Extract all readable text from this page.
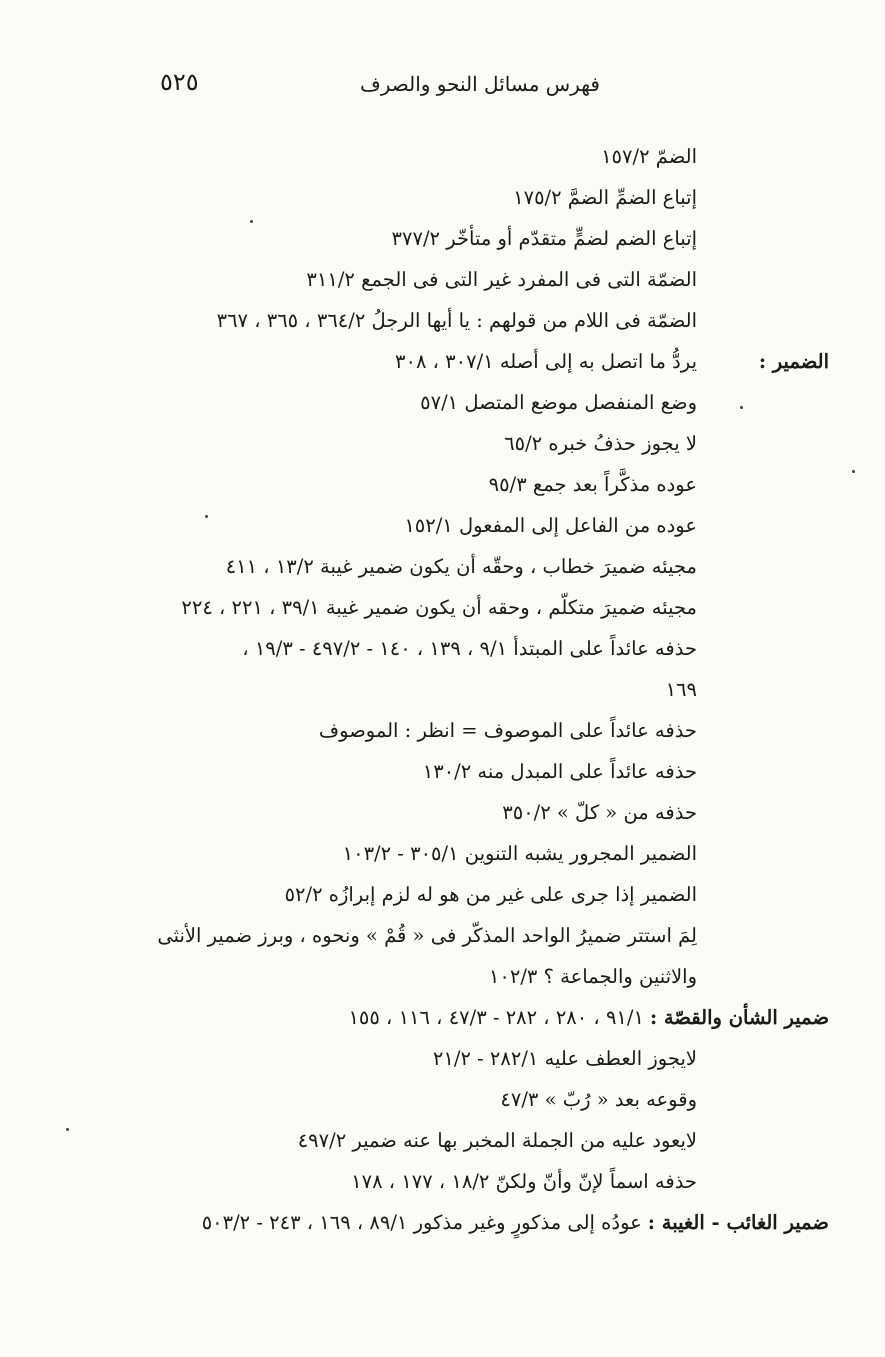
٥٢٥	فهرس مسائل النحو والصرف
الضمّ ١٥٧/٢
إتباع الضمِّ الضمَّ ١٧٥/٢
إتباع الضم لضمٍّ متقدّم أو متأخّر ٣٧٧/٢
الضمّة التى فى المفرد غير التى فى الجمع ٣١١/٢
الضمّة فى اللام من قولهم : يا أيها الرجلُ ٣٦٤/٢ ، ٣٦٥ ، ٣٦٧
الضمير :
يردُّ ما اتصل به إلى أصله ٣٠٧/١ ، ٣٠٨
وضع المنفصل موضع المتصل ٥٧/١
لا يجوز حذفُ خبره ٦٥/٢
عوده مذكَّراً بعد جمع ٩٥/٣
عوده من الفاعل إلى المفعول ١٥٢/١
مجيئه ضميرَ خطاب ، وحقّه أن يكون ضمير غيبة ١٣/٢ ، ٤١١
مجيئه ضميرَ متكلّم ، وحقه أن يكون ضمير غيبة ٣٩/١ ، ٢٢١ ، ٢٢٤
حذفه عائداً على المبتدأ ٩/١ ، ١٣٩ ، ١٤٠ - ٤٩٧/٢ - ١٩/٣ ،
١٦٩
حذفه عائداً على الموصوف = انظر : الموصوف
حذفه عائداً على المبدل منه ١٣٠/٢
حذفه من « كلّ » ٣٥٠/٢
الضمير المجرور يشبه التنوين ٣٠٥/١ - ١٠٣/٢
الضمير إذا جرى على غير من هو له لزم إبرازُه ٥٢/٢
لِمَ استتر ضميرُ الواحد المذكّر فى « قُمْ » ونحوه ، وبرز ضمير الأنثى
والاثنين والجماعة ؟ ١٠٢/٣
ضمير الشأن والقصّة :
٩١/١ ، ٢٨٠ ، ٢٨٢ - ٤٧/٣ ، ١١٦ ، ١٥٥
لايجوز العطف عليه ٢٨٢/١ - ٢١/٢
وقوعه بعد « رُبّ » ٤٧/٣
لايعود عليه من الجملة المخبر بها عنه ضمير ٤٩٧/٢
حذفه اسماً لإنّ وأنّ ولكنّ ١٨/٢ ، ١٧٧ ، ١٧٨
ضمير الغائب - الغيبة :
عودُه إلى مذكورٍ وغير مذكور ٨٩/١ ، ١٦٩ ، ٢٤٣ - ٥٠٣/٢
